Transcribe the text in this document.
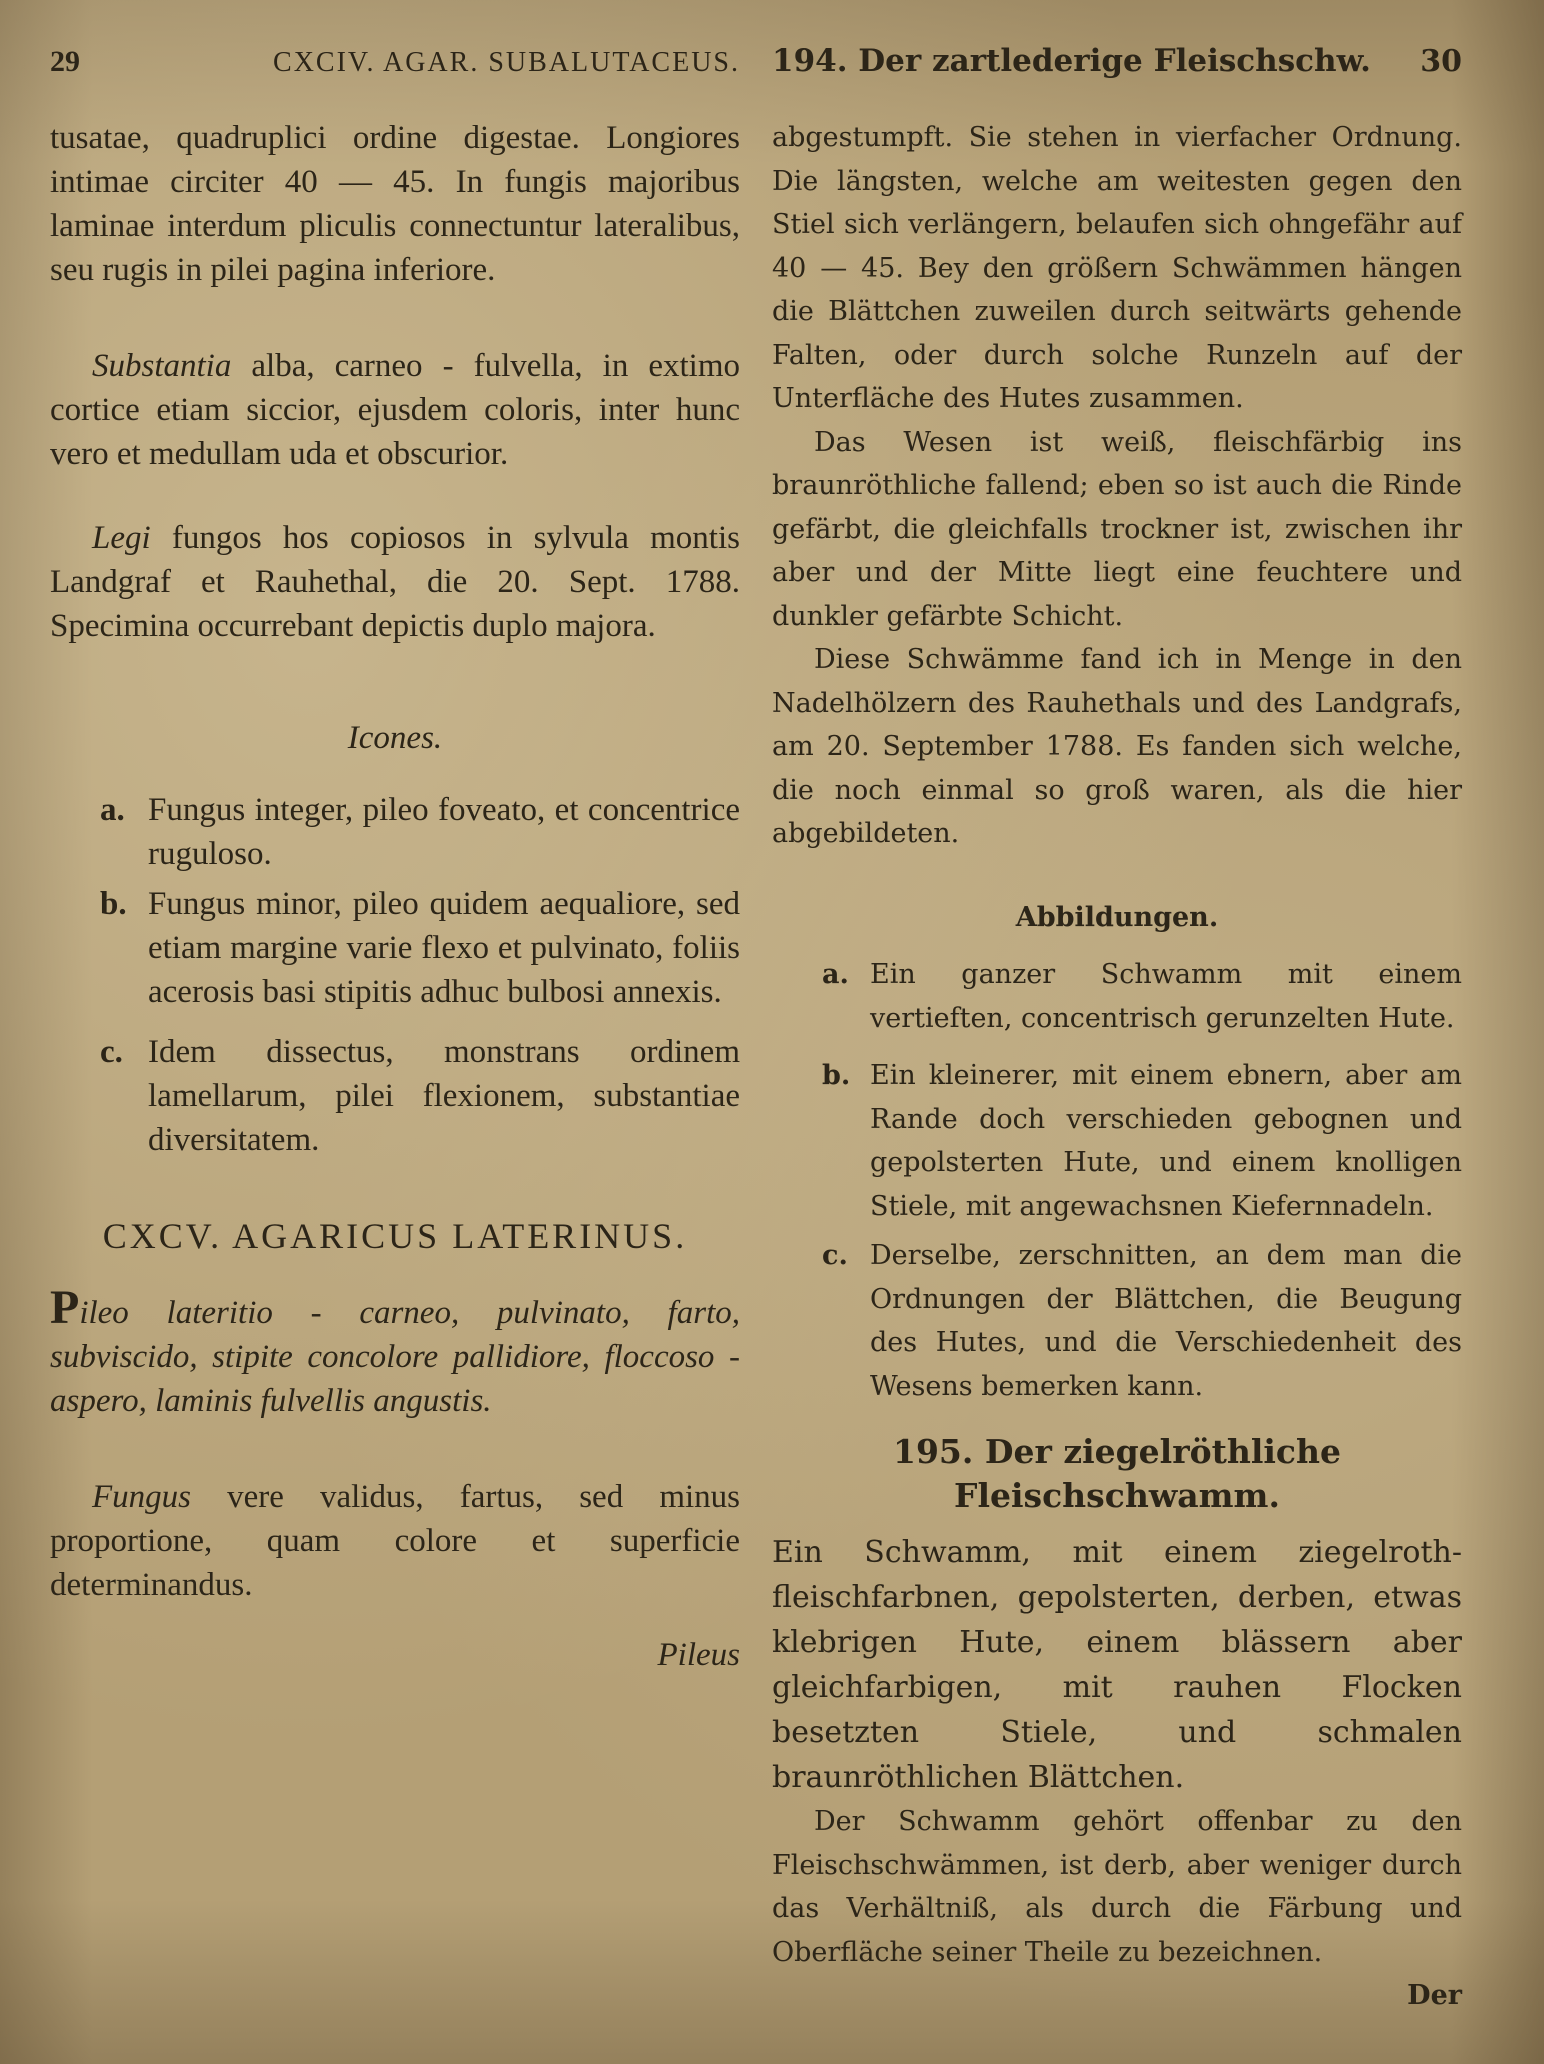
29	CXCIV. AGAR. SUBALUTACEUS.

tusatae, quadruplici ordine digestae. Longiores intimae circiter 40 — 45. In fungis majoribus laminae interdum pliculis connectuntur lateralibus, seu rugis in pilei pagina inferiore.

Substantia alba, carneo - fulvella, in extimo cortice etiam siccior, ejusdem coloris, inter hunc vero et medullam uda et obscurior.

Legi fungos hos copiosos in sylvula montis Landgraf et Rauhethal, die 20. Sept. 1788. Specimina occurrebant depictis duplo majora.

Icones.

a. Fungus integer, pileo foveato, et concentrice rugulosо.
b. Fungus minor, pileo quidem aequaliore, sed etiam margine varie flexo et pulvinato, foliis acerosis basi stipitis adhuc bulbosi annexis.
c. Idem dissectus, monstrans ordinem lamellarum, pilei flexionem, substantiae diversitatem.

CXCV. AGARICUS LATERINUS.

Pileo lateritio - carneo, pulvinato, farto, subviscido, stipite concolore pallidiore, floccoso - aspero, laminis fulvellis angustis.

Fungus vere validus, fartus, sed minus proportione, quam colore et superficie determinandus.

Pileus

194. Der zartlederige Fleischschw. 30

abgestumpft. Sie stehen in vierfacher Ordnung. Die längsten, welche am weitesten gegen den Stiel sich verlängern, belaufen sich ohngefähr auf 40 — 45. Bey den größern Schwämmen hängen die Blättchen zuweilen durch seitwärts gehende Falten, oder durch solche Runzeln auf der Unterfläche des Hutes zusammen.

Das Wesen ist weiß, fleischfärbig ins braunröthliche fallend; eben so ist auch die Rinde gefärbt, die gleichfalls trockner ist, zwischen ihr aber und der Mitte liegt eine feuchtere und dunkler gefärbte Schicht.

Diese Schwämme fand ich in Menge in den Nadelhölzern des Rauhethals und des Landgrafs, am 20. September 1788. Es fanden sich welche, die noch einmal so groß waren, als die hier abgebildeten.

Abbildungen.

a. Ein ganzer Schwamm mit einem vertieften, concentrisch gerunzelten Hute.
b. Ein kleinerer, mit einem ebnern, aber am Rande doch verschieden gebognen und gepolsterten Hute, und einem knolligen Stiele, mit angewachsnen Kiefernnadeln.
c. Derselbe, zerschnitten, an dem man die Ordnungen der Blättchen, die Beugung des Hutes, und die Verschiedenheit des Wesens bemerken kann.

195. Der ziegelröthliche Fleischschwamm.

Ein Schwamm, mit einem ziegelroth-fleischfarbnen, gepolsterten, derben, etwas klebrigen Hute, einem blässern aber gleichfarbigen, mit rauhen Flocken besetzten Stiele, und schmalen braunröthlichen Blättchen.

Der Schwamm gehört offenbar zu den Fleischschwämmen, ist derb, aber weniger durch das Verhältniß, als durch die Färbung und Oberfläche seiner Theile zu bezeichnen.

Der
